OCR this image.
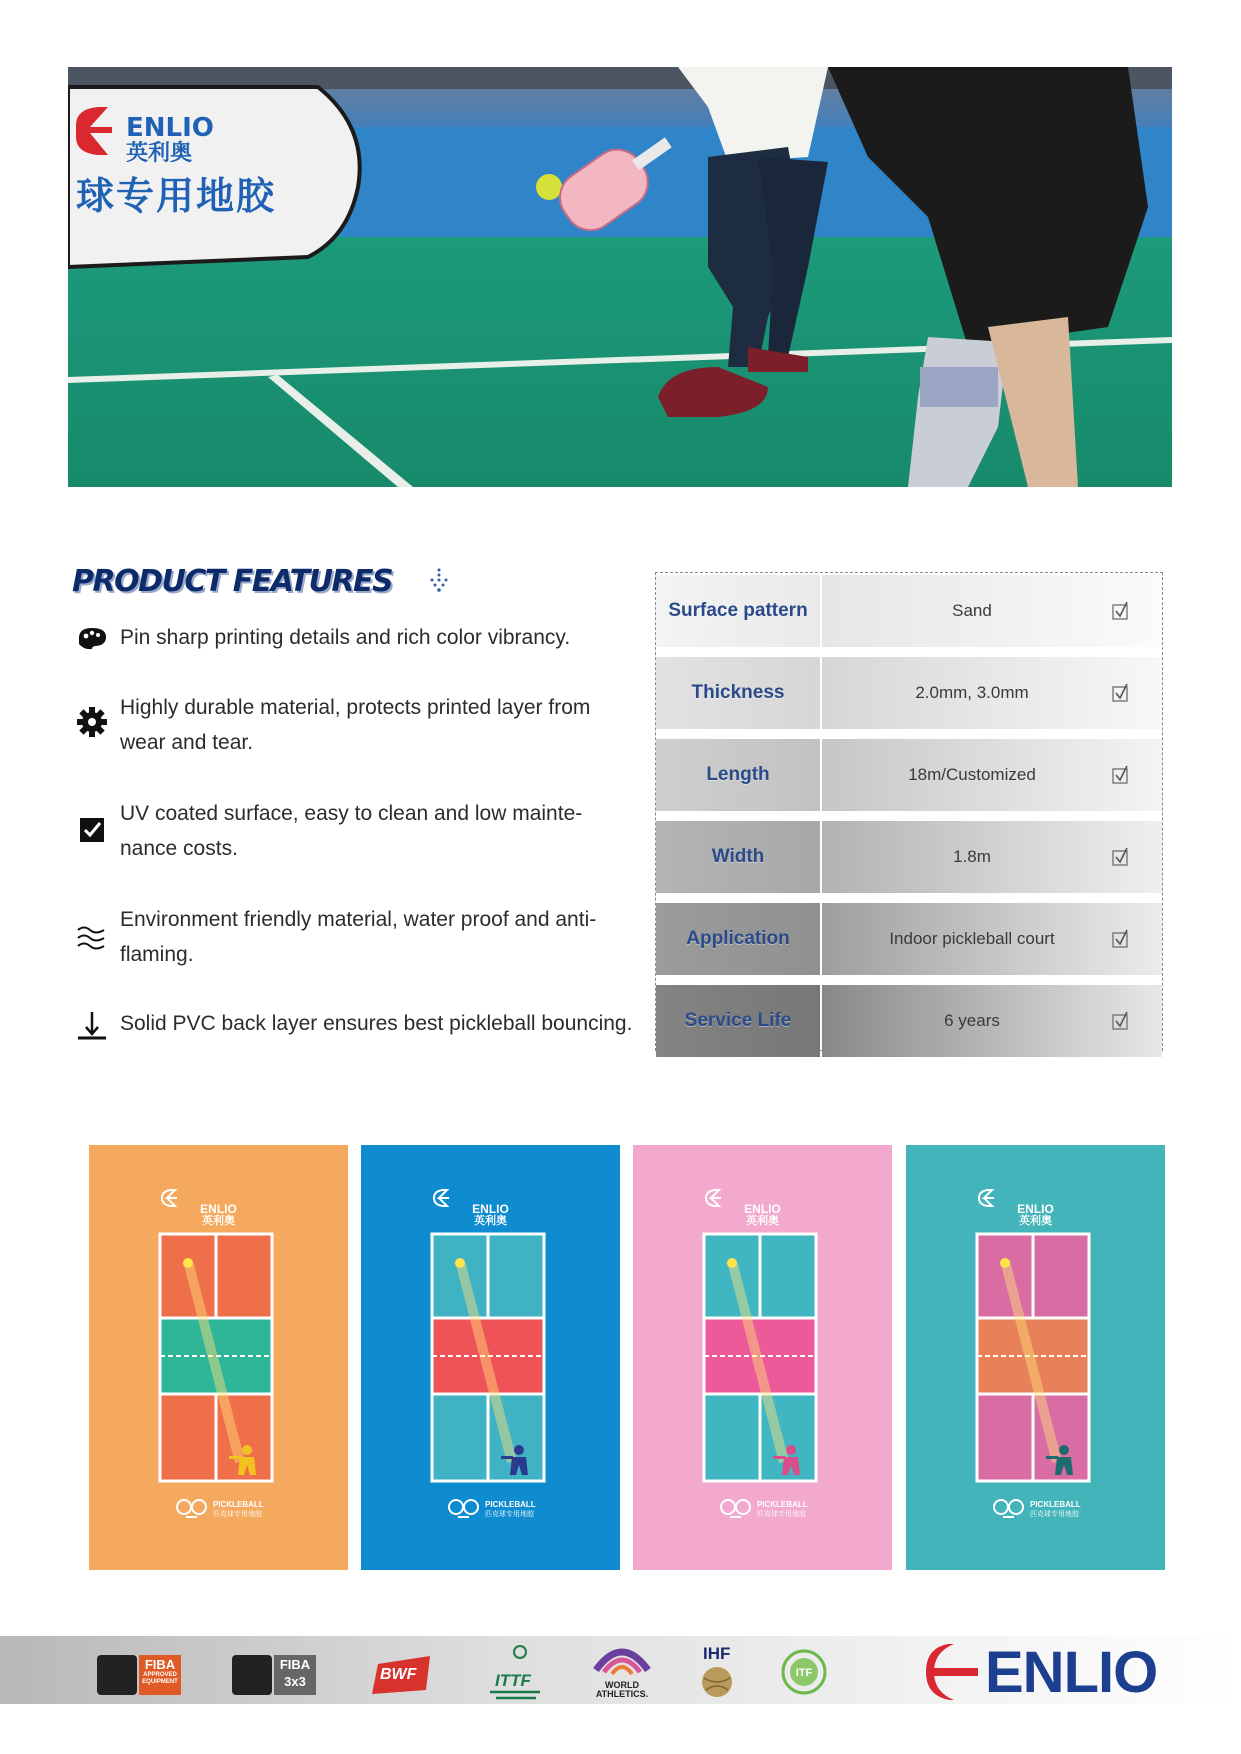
ENLIO
英利奥
球专用地胶
PRODUCT FEATURES
Pin sharp printing details and rich color vibrancy.
Highly durable material, protects printed layer from wear and tear.
UV coated surface, easy to clean and low mainte- nance costs.
Environment friendly material, water proof and anti-flaming.
Solid PVC back layer ensures best pickleball bouncing.
Surface pattern	Sand
Thickness	2.0mm, 3.0mm
Length	18m/Customized
Width	1.8m
Application	Indoor pickleball court
Service Life	6 years
ENLIO
英利奥
PICKLEBALL
匹克球专用地胶
ENLIO
英利奥
PICKLEBALL
匹克球专用地胶
ENLIO
英利奥
PICKLEBALL
匹克球专用地胶
ENLIO
英利奥
PICKLEBALL
匹克球专用地胶
FIBA
APPROVED EQUIPMENT
FIBA
3x3	BWF	ITTF	WORLD ATHLETICS.
IHF
ITF	ENLIO
